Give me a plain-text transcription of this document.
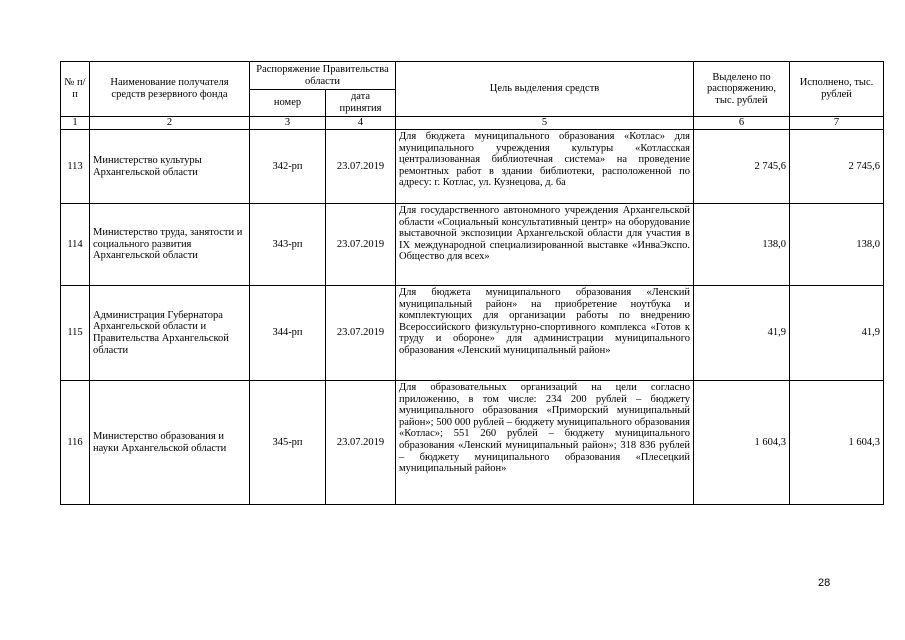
№ п/п	Наименование получателя средств резервного фонда	Распоряжение Правительства области		Цель выделения средств	Выделено по распоряжению, тыс. рублей	Исполнено, тыс. рублей
		номер	дата принятия			
1	2	3	4	5	6	7
113	Министерство культуры Архангельской области	342-рп	23.07.2019	Для бюджета муниципального образования «Котлас» для муниципального учреждения культуры «Котласская централизованная библиотечная система» на проведение ремонтных работ в здании библиотеки, расположенной по адресу: г. Котлас, ул. Кузнецова, д. 6а	2 745,6	2 745,6
114	Министерство труда, занятости и социального развития Архангельской области	343-рп	23.07.2019	Для государственного автономного учреждения Архангельской области «Социальный консультативный центр» на оборудование выставочной экспозиции Архангельской области для участия в IX международной специализированной выставке «ИнваЭкспо. Общество для всех»	138,0	138,0
115	Администрация Губернатора Архангельской области и Правительства Архангельской области	344-рп	23.07.2019	Для бюджета муниципального образования «Ленский муниципальный район» на приобретение ноутбука и комплектующих для организации работы по внедрению Всероссийского физкультурно-спортивного комплекса «Готов к труду и обороне» для администрации муниципального образования «Ленский муниципальный район»	41,9	41,9
116	Министерство образования и науки Архангельской области	345-рп	23.07.2019	Для образовательных организаций на цели согласно приложению, в том числе: 234 200 рублей – бюджету муниципального образования «Приморский муниципальный район»; 500 000 рублей – бюджету муниципального образования «Котлас»; 551 260 рублей – бюджету муниципального образования «Ленский муниципальный район»; 318 836 рублей – бюджету муниципального образования «Плесецкий муниципальный район»	1 604,3	1 604,3
28
